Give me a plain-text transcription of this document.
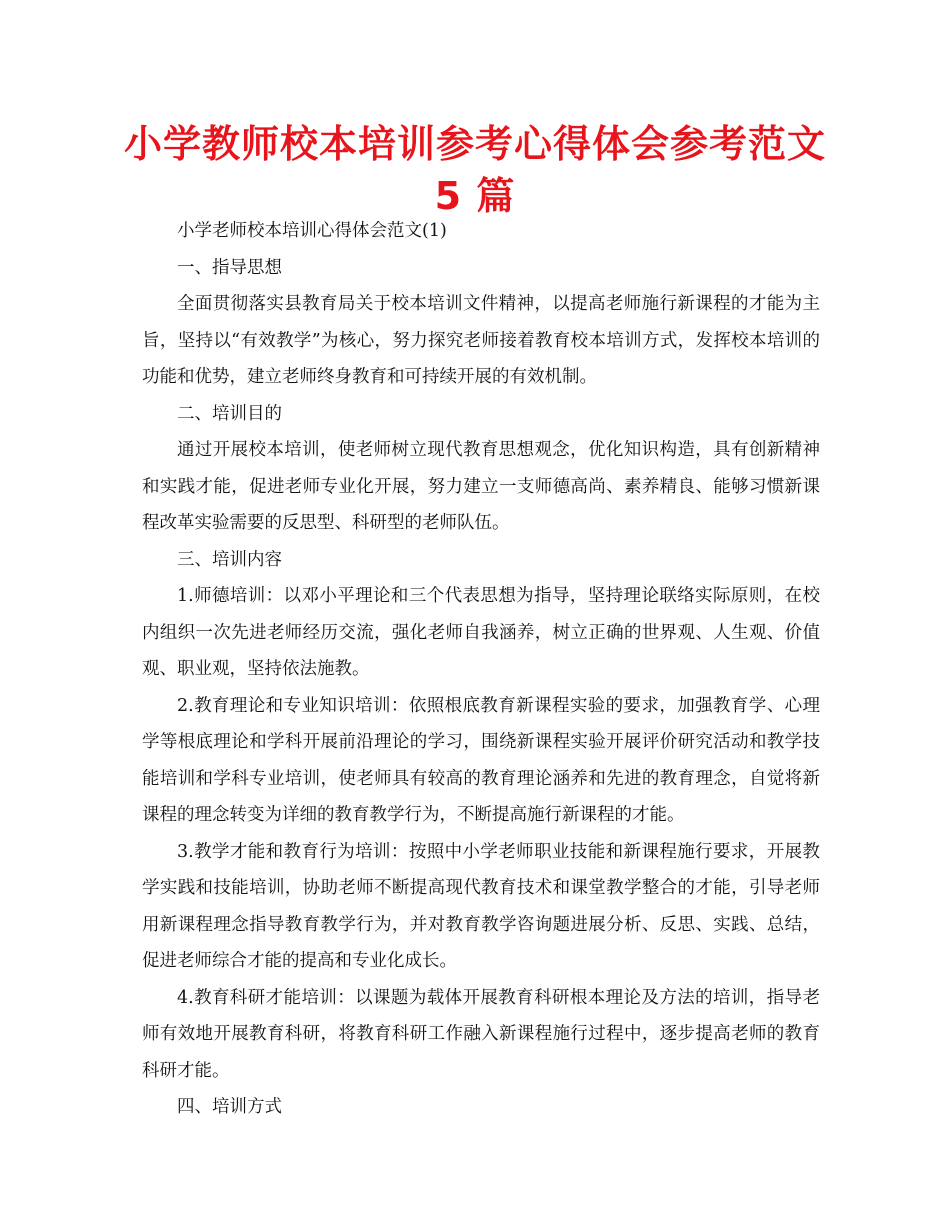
小学教师校本培训参考心得体会参考范文 5 篇

小学老师校本培训心得体会范文(1)

一、指导思想

全面贯彻落实县教育局关于校本培训文件精神，以提高老师施行新课程的才能为主旨，坚持以“有效教学”为核心，努力探究老师接着教育校本培训方式，发挥校本培训的功能和优势，建立老师终身教育和可持续开展的有效机制。

二、培训目的

通过开展校本培训，使老师树立现代教育思想观念，优化知识构造，具有创新精神和实践才能，促进老师专业化开展，努力建立一支师德高尚、素养精良、能够习惯新课程改革实验需要的反思型、科研型的老师队伍。

三、培训内容

1.师德培训：以邓小平理论和三个代表思想为指导，坚持理论联络实际原则，在校内组织一次先进老师经历交流，强化老师自我涵养，树立正确的世界观、人生观、价值观、职业观，坚持依法施教。

2.教育理论和专业知识培训：依照根底教育新课程实验的要求，加强教育学、心理学等根底理论和学科开展前沿理论的学习，围绕新课程实验开展评价研究活动和教学技能培训和学科专业培训，使老师具有较高的教育理论涵养和先进的教育理念，自觉将新课程的理念转变为详细的教育教学行为，不断提高施行新课程的才能。

3.教学才能和教育行为培训：按照中小学老师职业技能和新课程施行要求，开展教学实践和技能培训，协助老师不断提高现代教育技术和课堂教学整合的才能，引导老师用新课程理念指导教育教学行为，并对教育教学咨询题进展分析、反思、实践、总结，促进老师综合才能的提高和专业化成长。

4.教育科研才能培训：以课题为载体开展教育科研根本理论及方法的培训，指导老师有效地开展教育科研，将教育科研工作融入新课程施行过程中，逐步提高老师的教育科研才能。

四、培训方式
